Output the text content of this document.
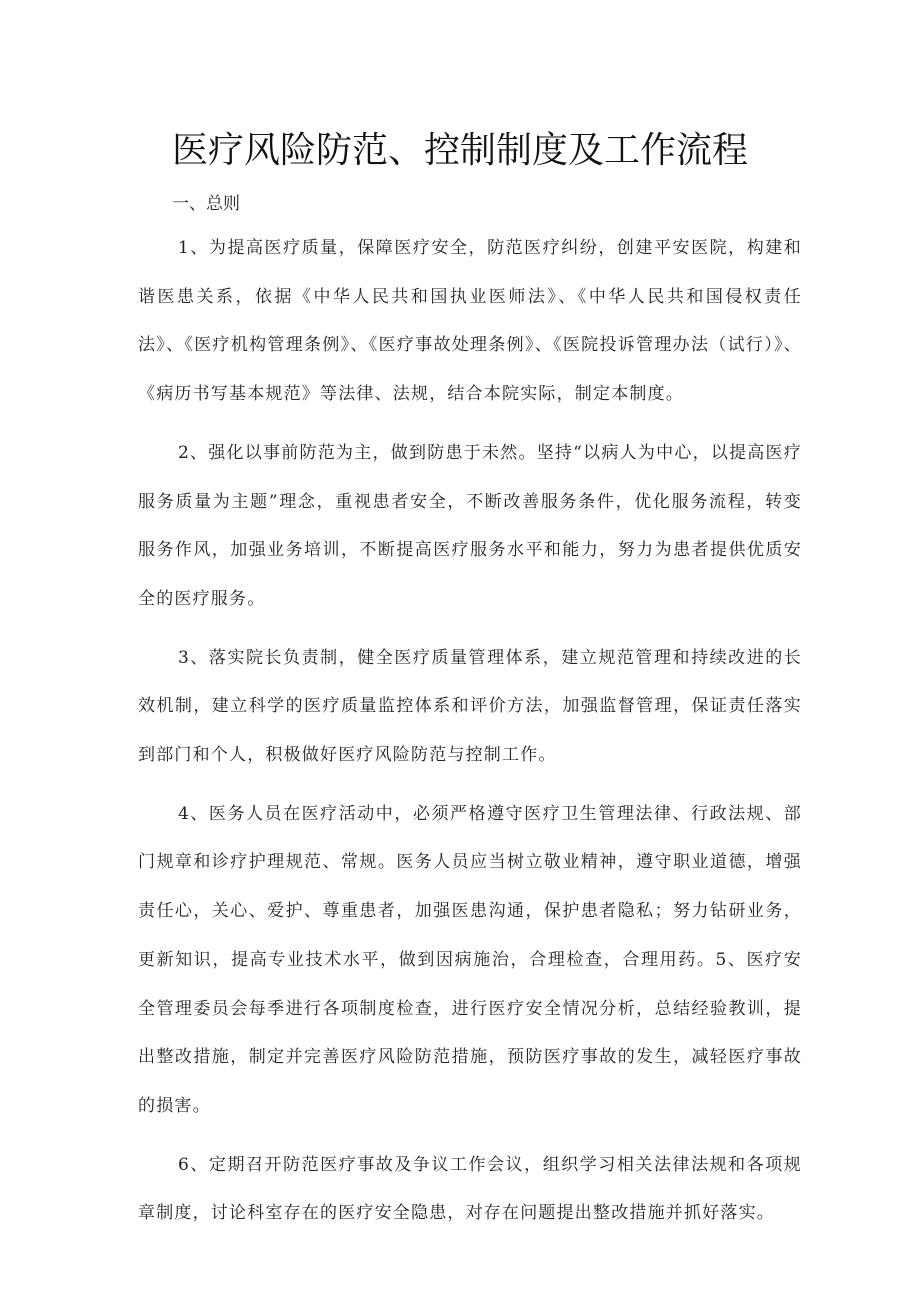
医疗风险防范、控制制度及工作流程
一、总则

1、为提高医疗质量，保障医疗安全，防范医疗纠纷，创建平安医院，构建和谐医患关系，依据《中华人民共和国执业医师法》、《中华人民共和国侵权责任法》、《医疗机构管理条例》、《医疗事故处理条例》、《医院投诉管理办法（试行）》、《病历书写基本规范》等法律、法规，结合本院实际，制定本制度。

2、强化以事前防范为主，做到防患于未然。坚持“以病人为中心，以提高医疗服务质量为主题”理念，重视患者安全，不断改善服务条件，优化服务流程，转变服务作风，加强业务培训，不断提高医疗服务水平和能力，努力为患者提供优质安全的医疗服务。

3、落实院长负责制，健全医疗质量管理体系，建立规范管理和持续改进的长效机制，建立科学的医疗质量监控体系和评价方法，加强监督管理，保证责任落实到部门和个人，积极做好医疗风险防范与控制工作。

4、医务人员在医疗活动中，必须严格遵守医疗卫生管理法律、行政法规、部门规章和诊疗护理规范、常规。医务人员应当树立敬业精神，遵守职业道德，增强责任心，关心、爱护、尊重患者，加强医患沟通，保护患者隐私；努力钻研业务，更新知识，提高专业技术水平，做到因病施治，合理检查，合理用药。5、医疗安全管理委员会每季进行各项制度检查，进行医疗安全情况分析，总结经验教训，提出整改措施，制定并完善医疗风险防范措施，预防医疗事故的发生，减轻医疗事故的损害。

6、定期召开防范医疗事故及争议工作会议，组织学习相关法律法规和各项规章制度，讨论科室存在的医疗安全隐患，对存在问题提出整改措施并抓好落实。
